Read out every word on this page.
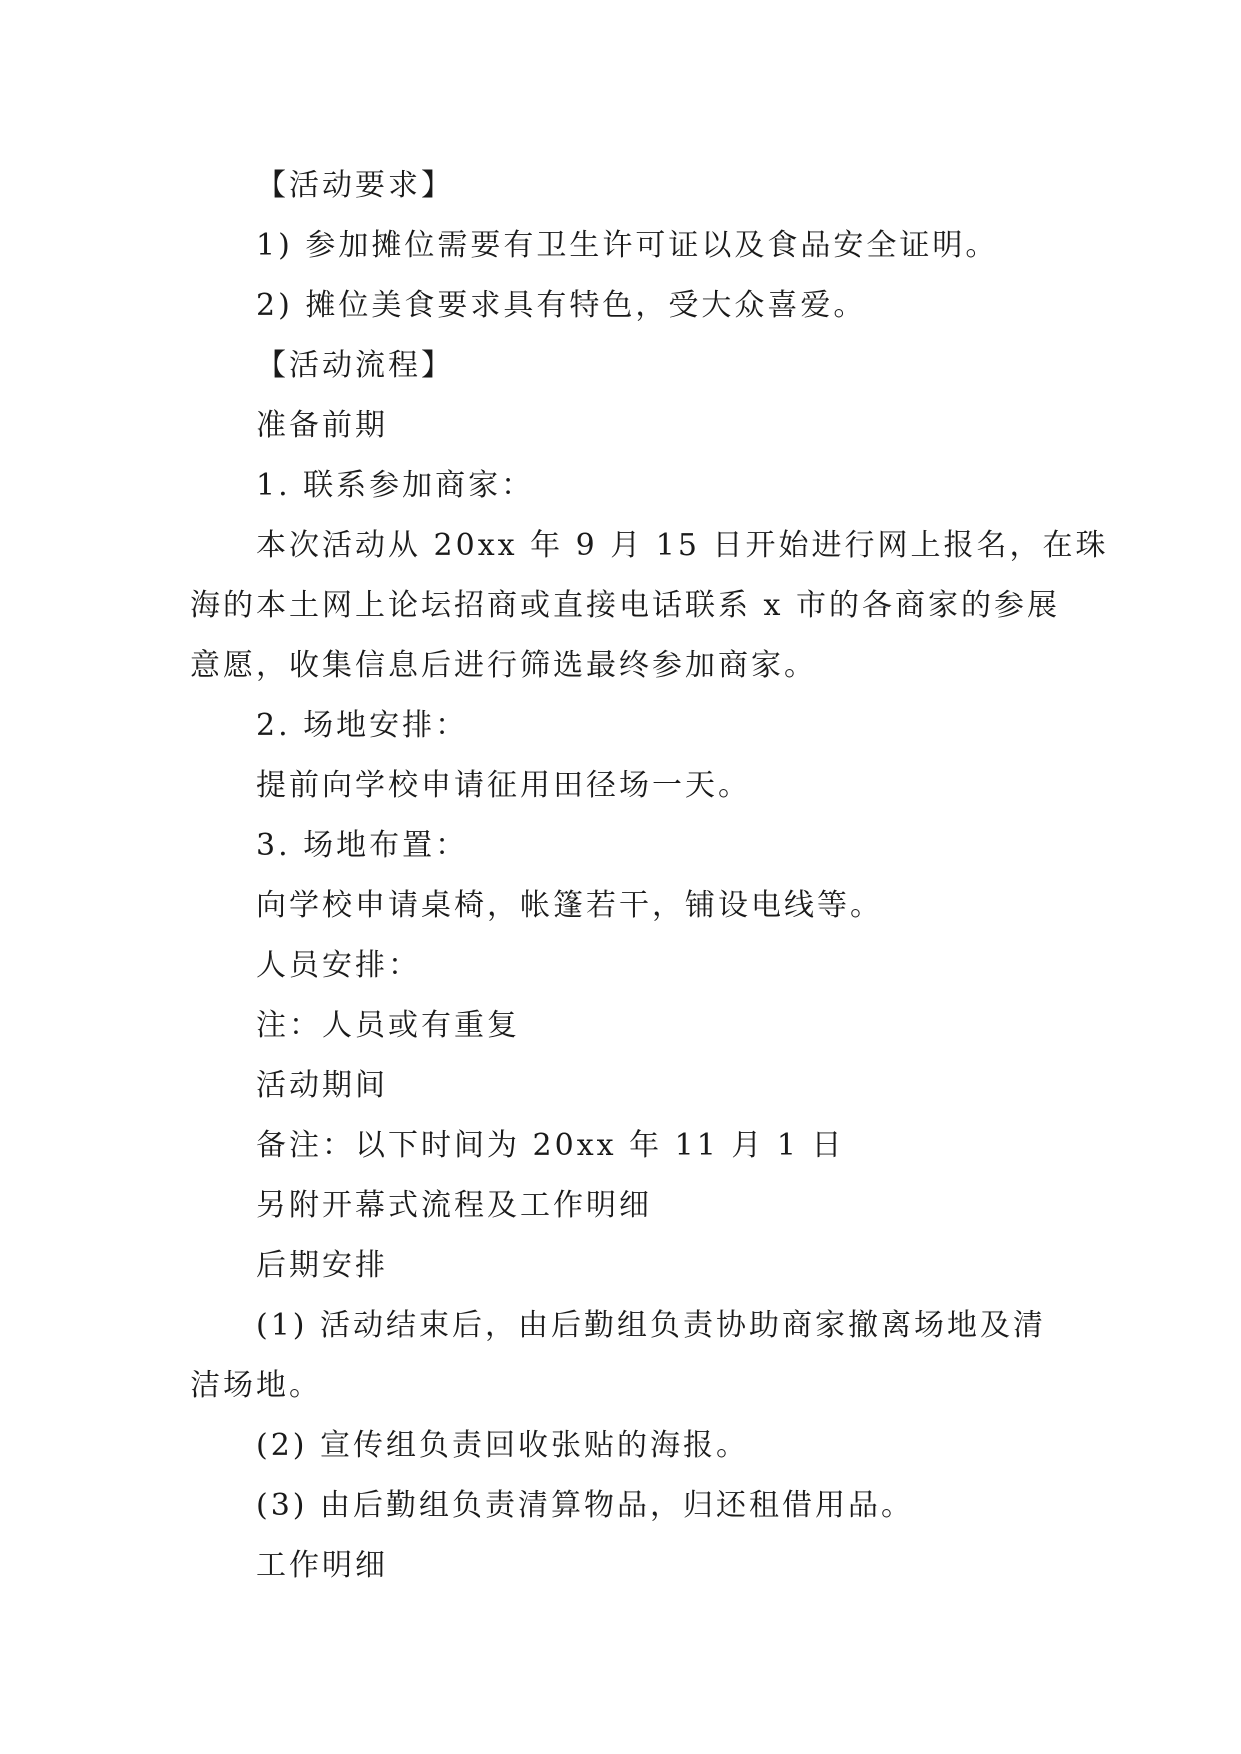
【活动要求】
1) 参加摊位需要有卫生许可证以及食品安全证明。
2) 摊位美食要求具有特色，受大众喜爱。
【活动流程】
准备前期
1. 联系参加商家：
本次活动从 20xx 年 9 月 15 日开始进行网上报名，在珠
海的本土网上论坛招商或直接电话联系 x 市的各商家的参展
意愿，收集信息后进行筛选最终参加商家。
2. 场地安排：
提前向学校申请征用田径场一天。
3. 场地布置：
向学校申请桌椅，帐篷若干，铺设电线等。
人员安排：
注：人员或有重复
活动期间
备注：以下时间为 20xx 年 11 月 1 日
另附开幕式流程及工作明细
后期安排
(1) 活动结束后，由后勤组负责协助商家撤离场地及清
洁场地。
(2) 宣传组负责回收张贴的海报。
(3) 由后勤组负责清算物品，归还租借用品。
工作明细
